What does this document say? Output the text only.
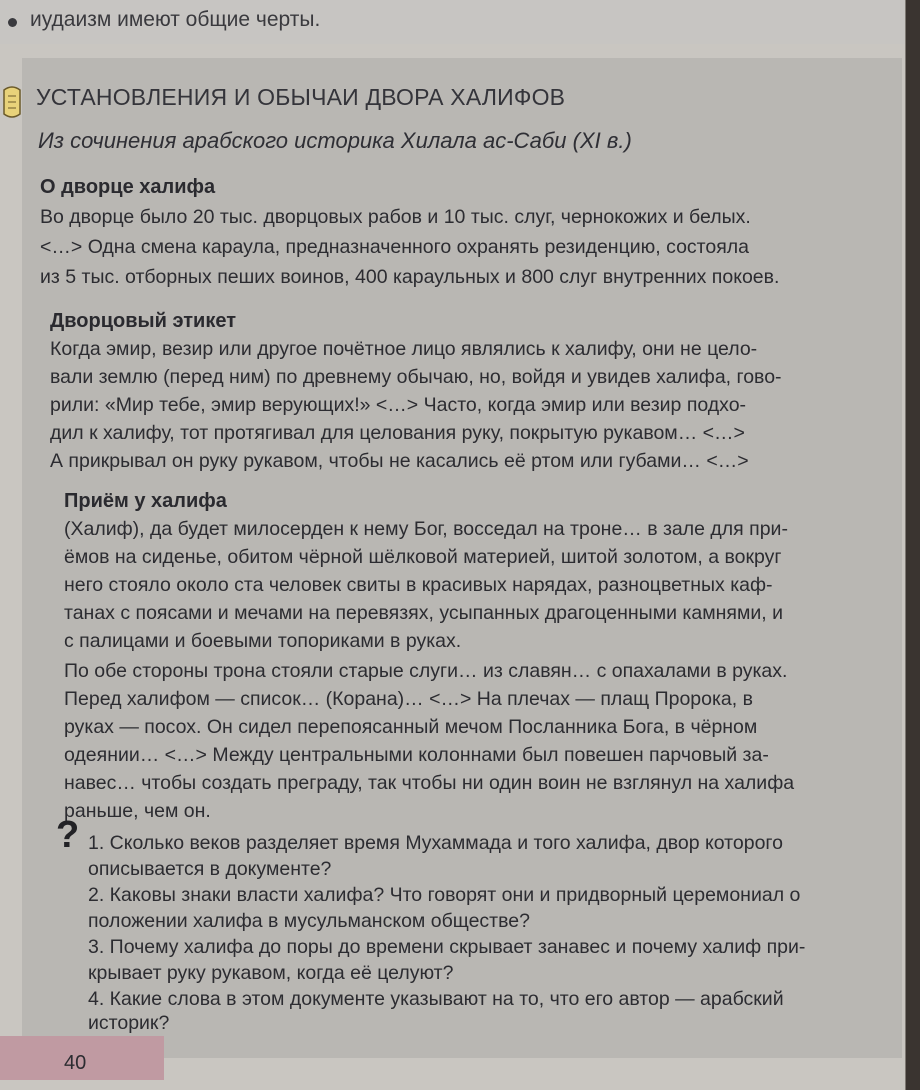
иудаизм имеют общие черты.
УСТАНОВЛЕНИЯ И ОБЫЧАИ ДВОРА ХАЛИФОВ
Из сочинения арабского историка Хилала ас-Саби (XI в.)
О дворце халифа
Во дворце было 20 тыс. дворцовых рабов и 10 тыс. слуг, чернокожих и белых.
<…> Одна смена караула, предназначенного охранять резиденцию, состояла
из 5 тыс. отборных пеших воинов, 400 караульных и 800 слуг внутренних покоев.
Дворцовый этикет
Когда эмир, везир или другое почётное лицо являлись к халифу, они не цело-
вали землю (перед ним) по древнему обычаю, но, войдя и увидев халифа, гово-
рили: «Мир тебе, эмир верующих!» <…> Часто, когда эмир или везир подхо-
дил к халифу, тот протягивал для целования руку, покрытую рукавом… <…>
А прикрывал он руку рукавом, чтобы не касались её ртом или губами… <…>
Приём у халифа
(Халиф), да будет милосерден к нему Бог, восседал на троне… в зале для при-
ёмов на сиденье, обитом чёрной шёлковой материей, шитой золотом, а вокруг
него стояло около ста человек свиты в красивых нарядах, разноцветных каф-
танах с поясами и мечами на перевязях, усыпанных драгоценными камнями, и
с палицами и боевыми топориками в руках.
По обе стороны трона стояли старые слуги… из славян… с опахалами в руках.
Перед халифом — список… (Корана)… <…> На плечах — плащ Пророка, в
руках — посох. Он сидел перепоясанный мечом Посланника Бога, в чёрном
одеянии… <…> Между центральными колоннами был повешен парчовый за-
навес… чтобы создать преграду, так чтобы ни один воин не взглянул на халифа
раньше, чем он.
? 1. Сколько веков разделяет время Мухаммада и того халифа, двор которого
описывается в документе?
2. Каковы знаки власти халифа? Что говорят они и придворный церемониал о
положении халифа в мусульманском обществе?
3. Почему халифа до поры до времени скрывает занавес и почему халиф при-
крывает руку рукавом, когда её целуют?
4. Какие слова в этом документе указывают на то, что его автор — арабский
историк?
40
